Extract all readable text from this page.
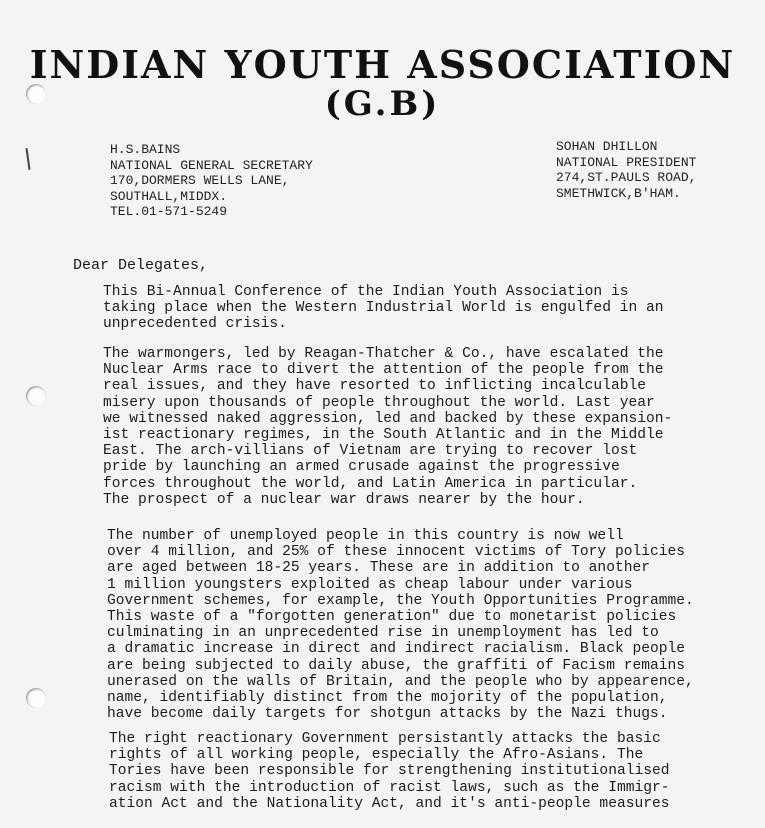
INDIAN YOUTH ASSOCIATION
(G.B)
H.S.BAINS
NATIONAL GENERAL SECRETARY
170,DORMERS WELLS LANE,
SOUTHALL,MIDDX.
TEL.01-571-5249
SOHAN DHILLON
NATIONAL PRESIDENT
274,ST.PAULS ROAD,
SMETHWICK,B'HAM.
Dear Delegates,
This Bi-Annual Conference of the Indian Youth Association is
taking place when the Western Industrial World is engulfed in an
unprecedented crisis.
The warmongers, led by Reagan-Thatcher & Co., have escalated the
Nuclear Arms race to divert the attention of the people from the
real issues, and they have resorted to inflicting incalculable
misery upon thousands of people throughout the world. Last year
we witnessed naked aggression, led and backed by these expansion-
ist reactionary regimes, in the South Atlantic and in the Middle
East. The arch-villians of Vietnam are trying to recover lost
pride by launching an armed crusade against the progressive
forces throughout the world, and Latin America in particular.
The prospect of a nuclear war draws nearer by the hour.
The number of unemployed people in this country is now well
over 4 million, and 25% of these innocent victims of Tory policies
are aged between 18-25 years. These are in addition to another
1 million youngsters exploited as cheap labour under various
Government schemes, for example, the Youth Opportunities Programme.
This waste of a "forgotten generation" due to monetarist policies
culminating in an unprecedented rise in unemployment has led to
a dramatic increase in direct and indirect racialism. Black people
are being subjected to daily abuse, the graffiti of Facism remains
unerased on the walls of Britain, and the people who by appearence,
name, identifiably distinct from the mojority of the population,
have become daily targets for shotgun attacks by the Nazi thugs.
The right reactionary Government persistantly attacks the basic
rights of all working people, especially the Afro-Asians. The
Tories have been responsible for strengthening institutionalised
racism with the introduction of racist laws, such as the Immigr-
ation Act and the Nationality Act, and it's anti-people measures
